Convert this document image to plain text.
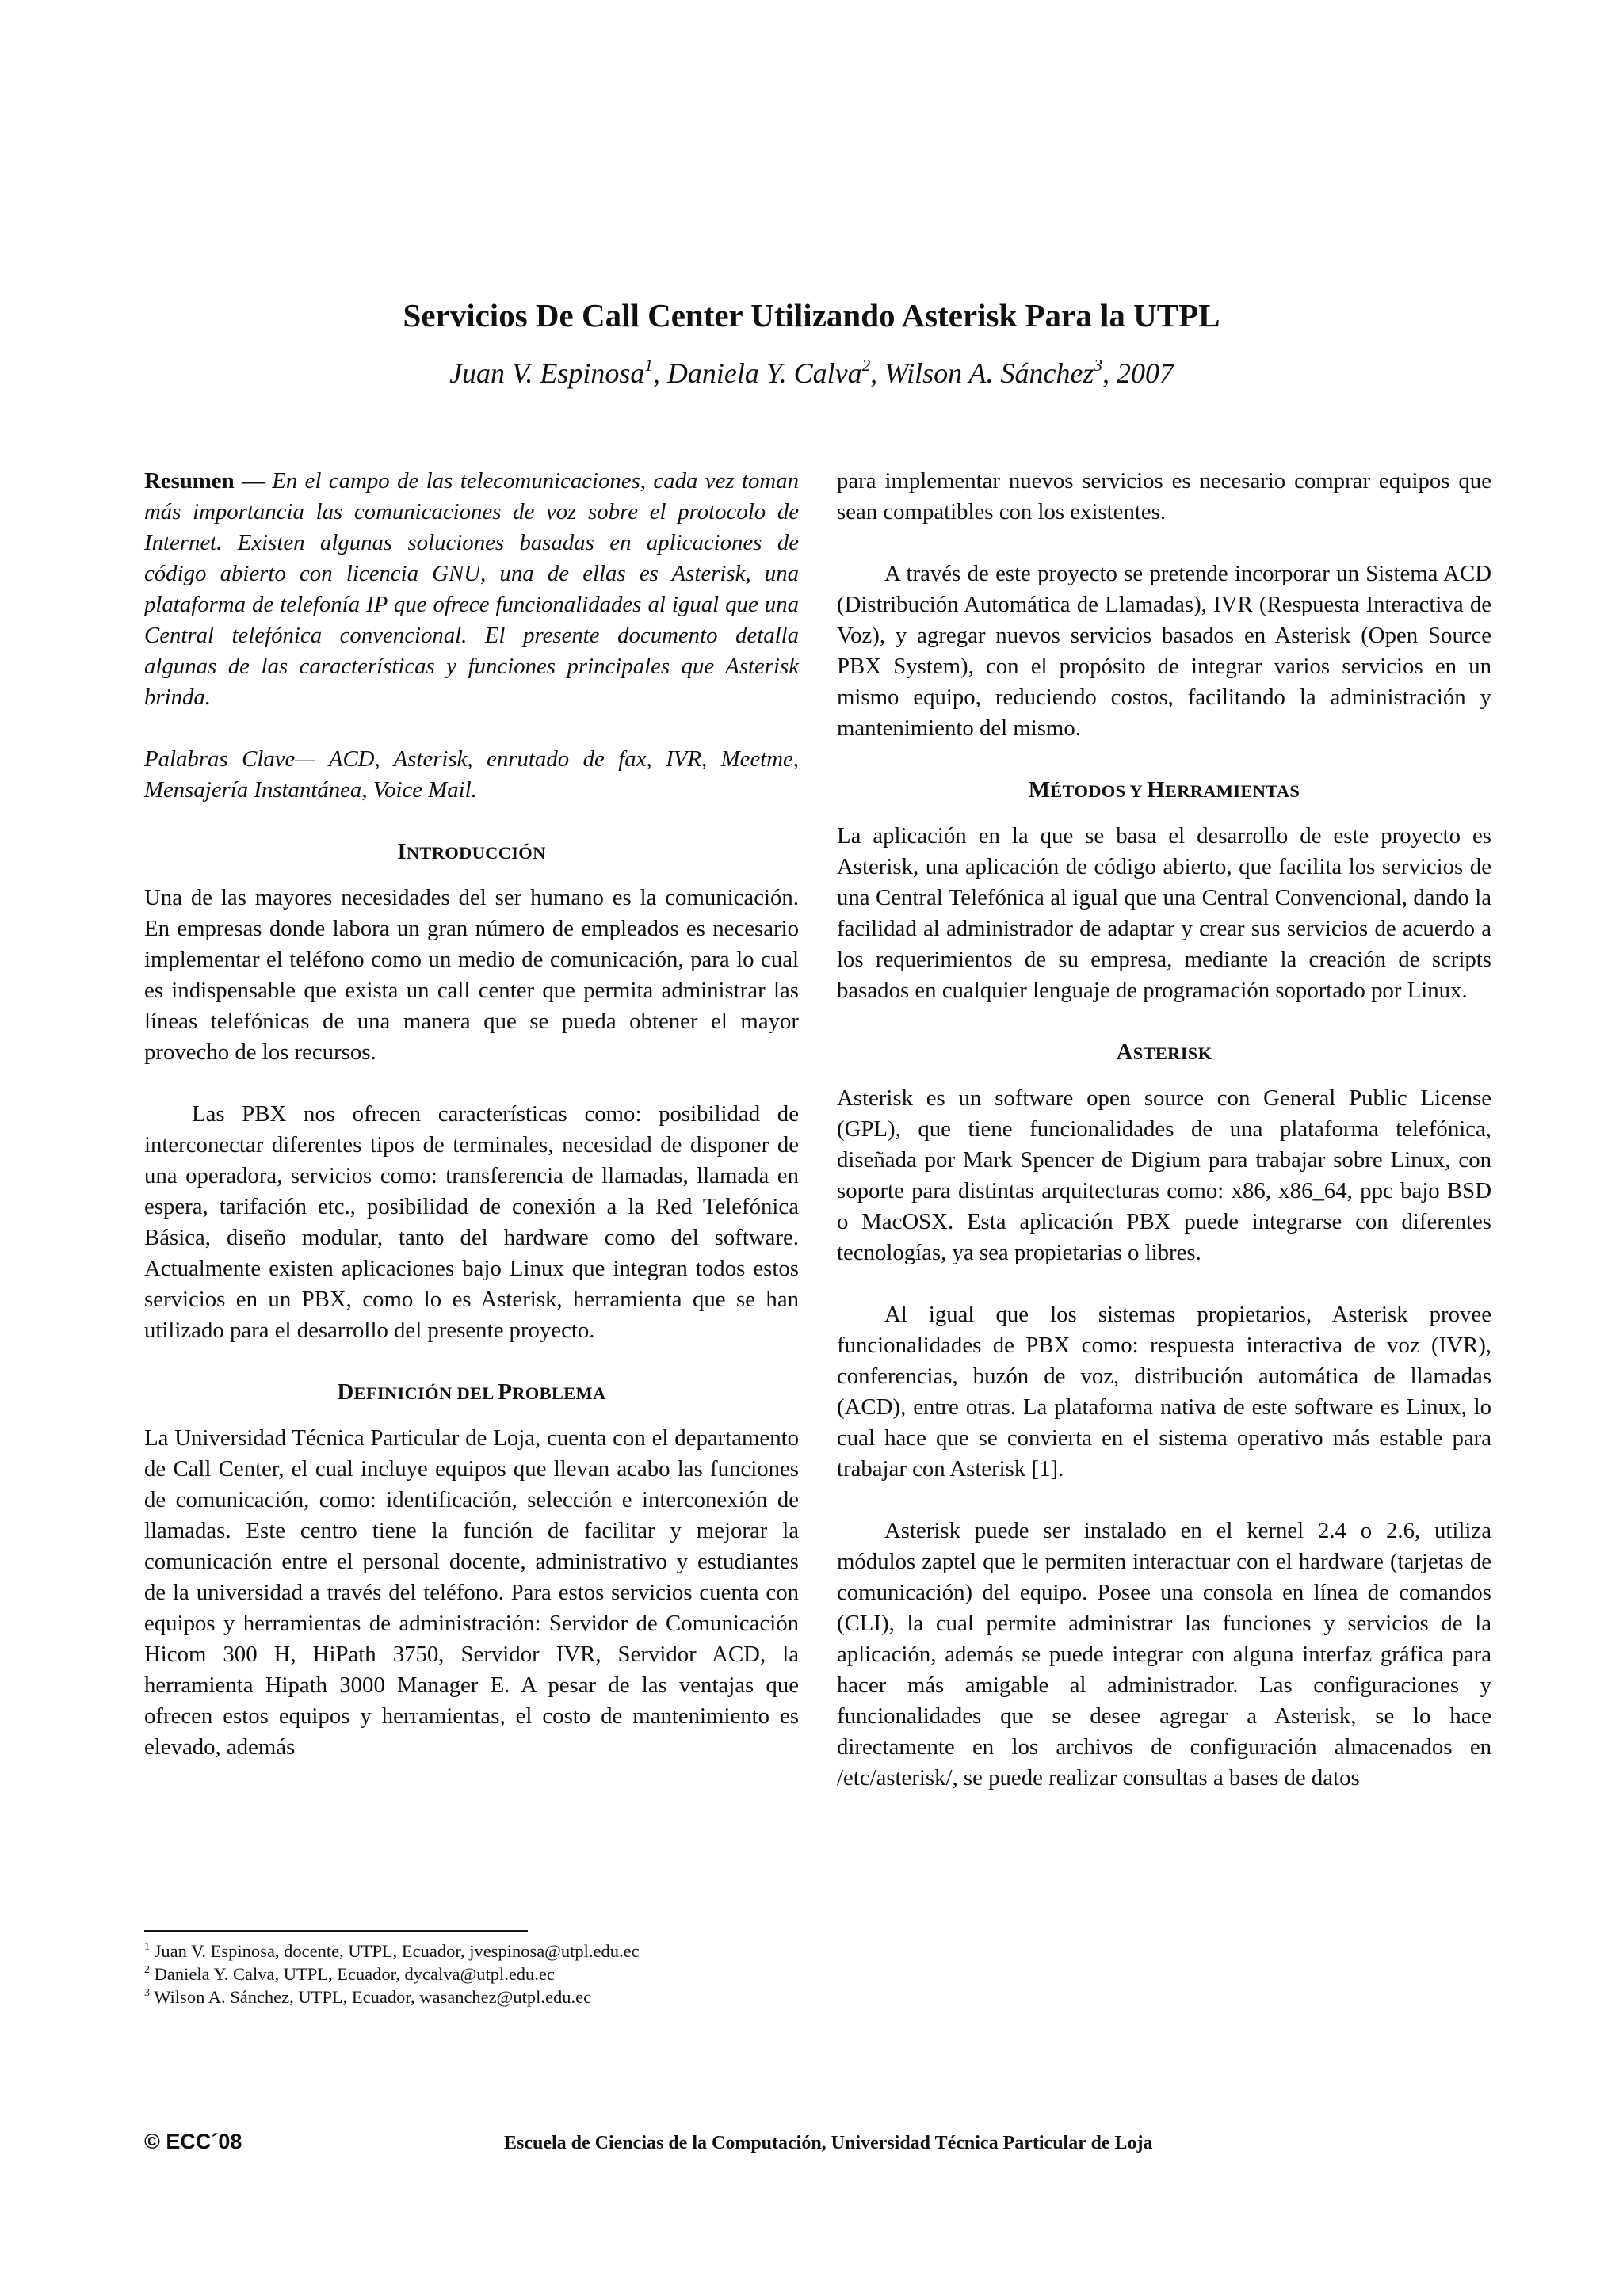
Servicios De Call Center Utilizando Asterisk Para la UTPL
Juan V. Espinosa$^1$, Daniela Y. Calva$^2$, Wilson A. Sánchez$^3$, 2007

Resumen — En el campo de las telecomunicaciones, cada vez toman más importancia las comunicaciones de voz sobre el protocolo de Internet. Existen algunas soluciones basadas en aplicaciones de código abierto con licencia GNU, una de ellas es Asterisk, una plataforma de telefonía IP que ofrece funcionalidades al igual que una Central telefónica convencional. El presente documento detalla algunas de las características y funciones principales que Asterisk brinda.

Palabras Clave— ACD, Asterisk, enrutado de fax, IVR, Meetme, Mensajería Instantánea, Voice Mail.

INTRODUCCIÓN

Una de las mayores necesidades del ser humano es la comunicación. En empresas donde labora un gran número de empleados es necesario implementar el teléfono como un medio de comunicación, para lo cual es indispensable que exista un call center que permita administrar las líneas telefónicas de una manera que se pueda obtener el mayor provecho de los recursos.

Las PBX nos ofrecen características como: posibilidad de interconectar diferentes tipos de terminales, necesidad de disponer de una operadora, servicios como: transferencia de llamadas, llamada en espera, tarifación etc., posibilidad de conexión a la Red Telefónica Básica, diseño modular, tanto del hardware como del software. Actualmente existen aplicaciones bajo Linux que integran todos estos servicios en un PBX, como lo es Asterisk, herramienta que se han utilizado para el desarrollo del presente proyecto.

DEFINICIÓN DEL PROBLEMA

La Universidad Técnica Particular de Loja, cuenta con el departamento de Call Center, el cual incluye equipos que llevan acabo las funciones de comunicación, como: identificación, selección e interconexión de llamadas. Este centro tiene la función de facilitar y mejorar la comunicación entre el personal docente, administrativo y estudiantes de la universidad a través del teléfono. Para estos servicios cuenta con equipos y herramientas de administración: Servidor de Comunicación Hicom 300 H, HiPath 3750, Servidor IVR, Servidor ACD, la herramienta Hipath 3000 Manager E. A pesar de las ventajas que ofrecen estos equipos y herramientas, el costo de mantenimiento es elevado, además

para implementar nuevos servicios es necesario comprar equipos que sean compatibles con los existentes.

A través de este proyecto se pretende incorporar un Sistema ACD (Distribución Automática de Llamadas), IVR (Respuesta Interactiva de Voz), y agregar nuevos servicios basados en Asterisk (Open Source PBX System), con el propósito de integrar varios servicios en un mismo equipo, reduciendo costos, facilitando la administración y mantenimiento del mismo.

MÉTODOS Y HERRAMIENTAS

La aplicación en la que se basa el desarrollo de este proyecto es Asterisk, una aplicación de código abierto, que facilita los servicios de una Central Telefónica al igual que una Central Convencional, dando la facilidad al administrador de adaptar y crear sus servicios de acuerdo a los requerimientos de su empresa, mediante la creación de scripts basados en cualquier lenguaje de programación soportado por Linux.

ASTERISK

Asterisk es un software open source con General Public License (GPL), que tiene funcionalidades de una plataforma telefónica, diseñada por Mark Spencer de Digium para trabajar sobre Linux, con soporte para distintas arquitecturas como: x86, x86_64, ppc bajo BSD o MacOSX. Esta aplicación PBX puede integrarse con diferentes tecnologías, ya sea propietarias o libres.

Al igual que los sistemas propietarios, Asterisk provee funcionalidades de PBX como: respuesta interactiva de voz (IVR), conferencias, buzón de voz, distribución automática de llamadas (ACD), entre otras. La plataforma nativa de este software es Linux, lo cual hace que se convierta en el sistema operativo más estable para trabajar con Asterisk [1].

Asterisk puede ser instalado en el kernel 2.4 o 2.6, utiliza módulos zaptel que le permiten interactuar con el hardware (tarjetas de comunicación) del equipo. Posee una consola en línea de comandos (CLI), la cual permite administrar las funciones y servicios de la aplicación, además se puede integrar con alguna interfaz gráfica para hacer más amigable al administrador. Las configuraciones y funcionalidades que se desee agregar a Asterisk, se lo hace directamente en los archivos de configuración almacenados en /etc/asterisk/, se puede realizar consultas a bases de datos

$^1$ Juan V. Espinosa, docente, UTPL, Ecuador, jvespinosa@utpl.edu.ec

$^2$ Daniela Y. Calva, UTPL, Ecuador, dycalva@utpl.edu.ec

$^3$ Wilson A. Sánchez, UTPL, Ecuador, wasanchez@utpl.edu.ec

© ECC´08	Escuela de Ciencias de la Computación, Universidad Técnica Particular de Loja
